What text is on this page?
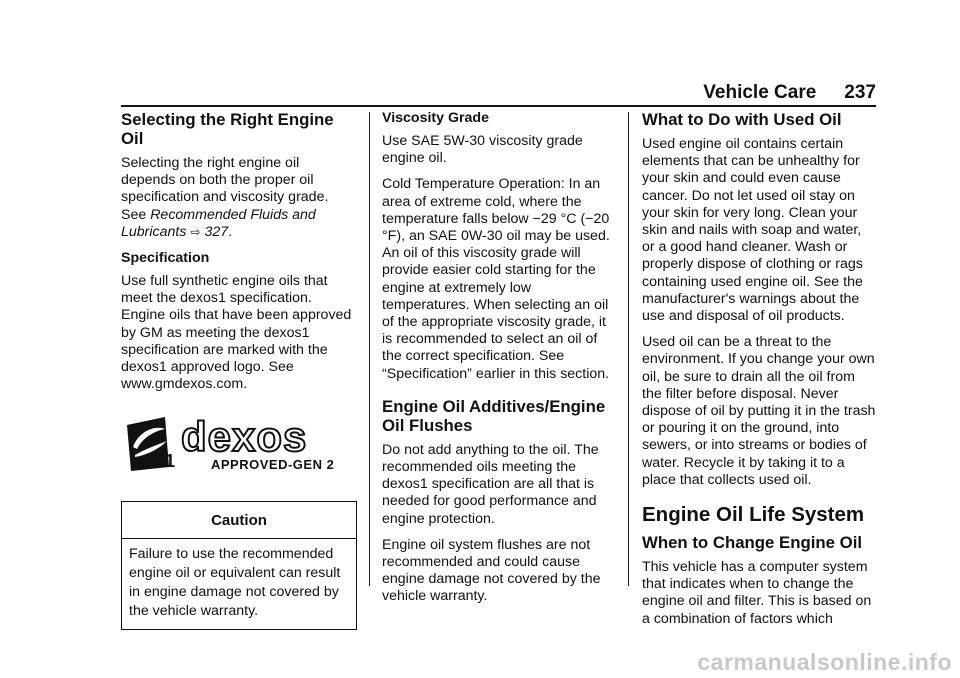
Vehicle Care 237
Selecting the Right Engine Oil

Selecting the right engine oil depends on both the proper oil specification and viscosity grade. See Recommended Fluids and Lubricants ⇨ 327.

Specification

Use full synthetic engine oils that meet the dexos1 specification. Engine oils that have been approved by GM as meeting the dexos1 specification are marked with the dexos1 approved logo. See www.gmdexos.com.

1
dexos
APPROVED-GEN 2
Caution
Failure to use the recommended engine oil or equivalent can result in engine damage not covered by the vehicle warranty.
Viscosity Grade

Use SAE 5W-30 viscosity grade engine oil.

Cold Temperature Operation: In an area of extreme cold, where the temperature falls below −29 °C (−20 °F), an SAE 0W-30 oil may be used. An oil of this viscosity grade will provide easier cold starting for the engine at extremely low temperatures. When selecting an oil of the appropriate viscosity grade, it is recommended to select an oil of the correct specification. See “Specification” earlier in this section.

Engine Oil Additives/Engine Oil Flushes

Do not add anything to the oil. The recommended oils meeting the dexos1 specification are all that is needed for good performance and engine protection.

Engine oil system flushes are not recommended and could cause engine damage not covered by the vehicle warranty.

What to Do with Used Oil

Used engine oil contains certain elements that can be unhealthy for your skin and could even cause cancer. Do not let used oil stay on your skin for very long. Clean your skin and nails with soap and water, or a good hand cleaner. Wash or properly dispose of clothing or rags containing used engine oil. See the manufacturer's warnings about the use and disposal of oil products.

Used oil can be a threat to the environment. If you change your own oil, be sure to drain all the oil from the filter before disposal. Never dispose of oil by putting it in the trash or pouring it on the ground, into sewers, or into streams or bodies of water. Recycle it by taking it to a place that collects used oil.

Engine Oil Life System
When to Change Engine Oil

This vehicle has a computer system that indicates when to change the engine oil and filter. This is based on a combination of factors which

carmanualsonline.info
